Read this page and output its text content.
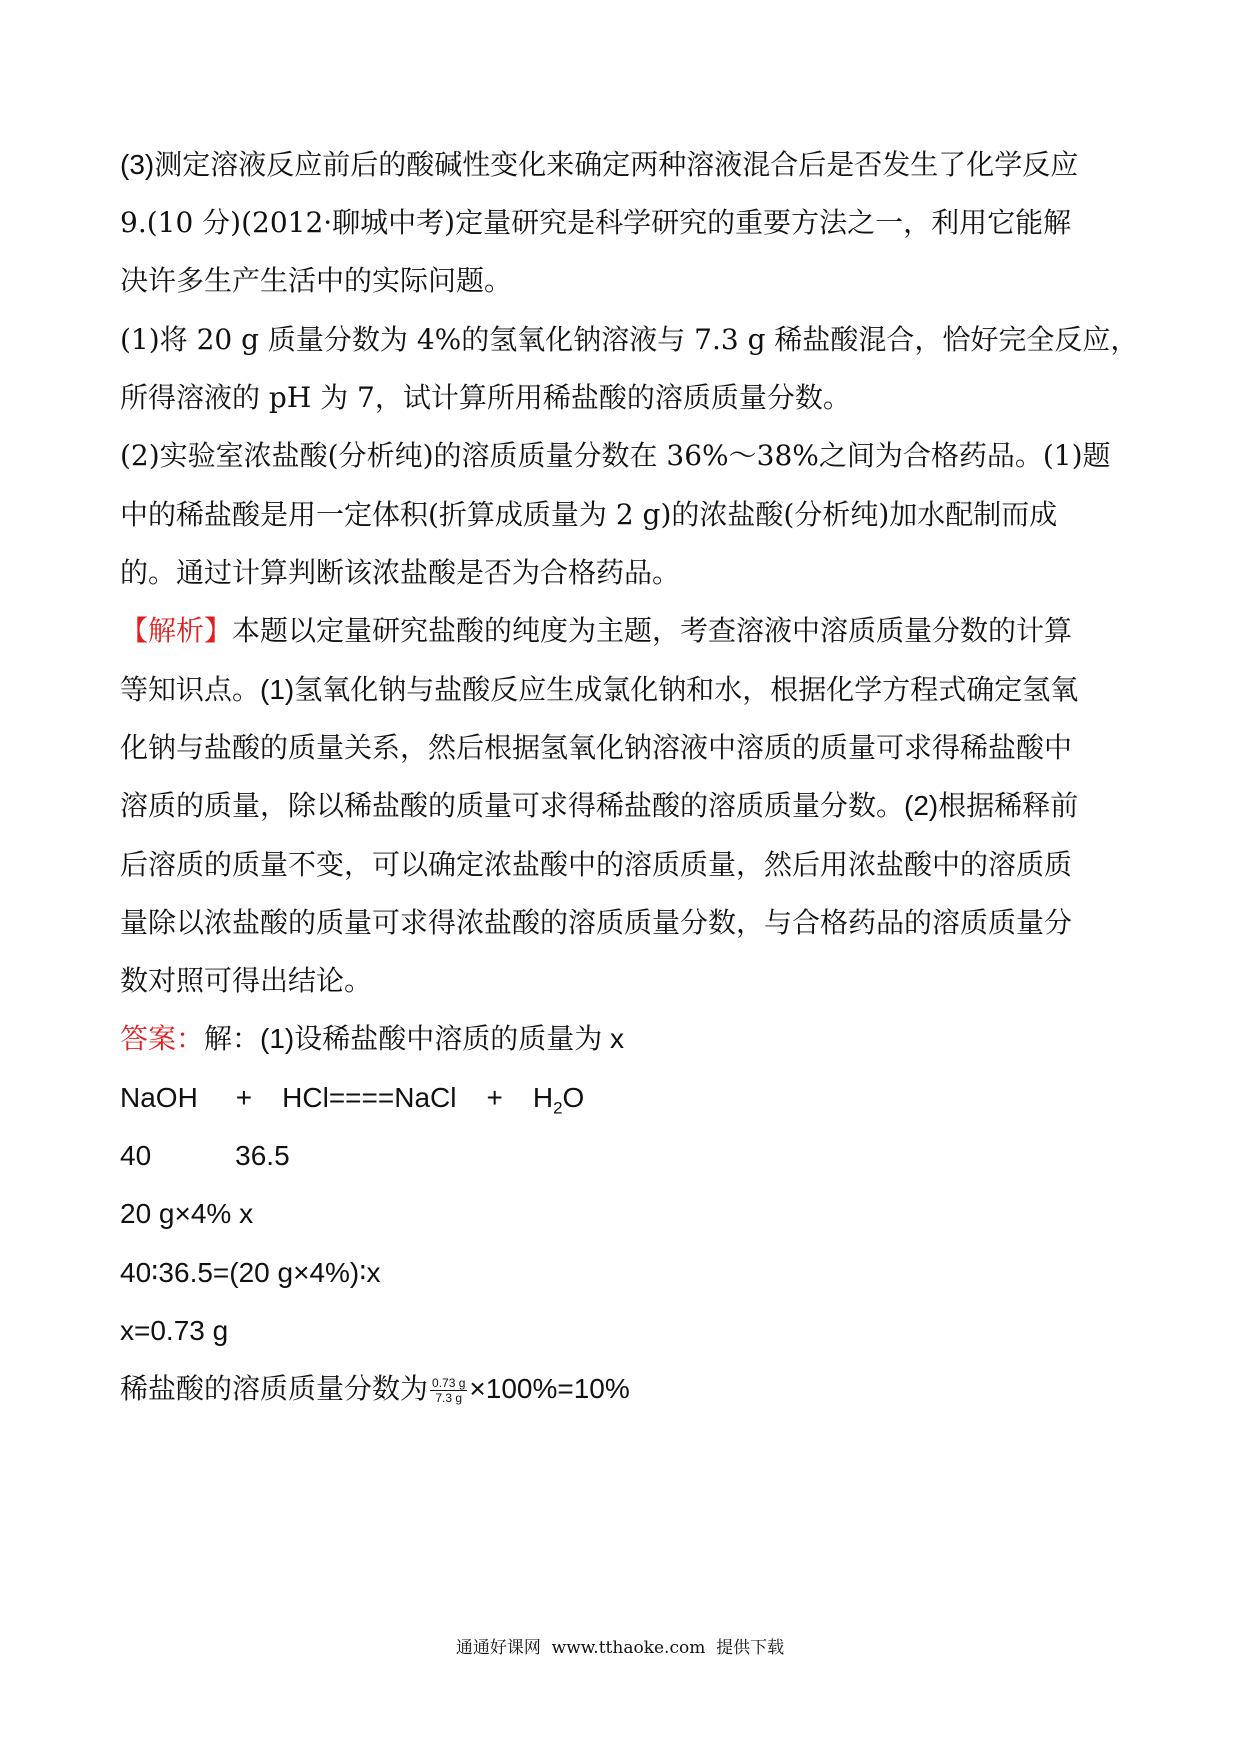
(3)测定溶液反应前后的酸碱性变化来确定两种溶液混合后是否发生了化学反应
9.(10 分)(2012·聊城中考)定量研究是科学研究的重要方法之一，利用它能解
决许多生产生活中的实际问题。
(1)将 20 g 质量分数为 4%的氢氧化钠溶液与 7.3 g 稀盐酸混合，恰好完全反应，
所得溶液的 pH 为 7，试计算所用稀盐酸的溶质质量分数。
(2)实验室浓盐酸(分析纯)的溶质质量分数在 36%～38%之间为合格药品。(1)题
中的稀盐酸是用一定体积(折算成质量为 2 g)的浓盐酸(分析纯)加水配制而成
的。通过计算判断该浓盐酸是否为合格药品。
【解析】本题以定量研究盐酸的纯度为主题，考查溶液中溶质质量分数的计算
等知识点。(1)氢氧化钠与盐酸反应生成氯化钠和水，根据化学方程式确定氢氧
化钠与盐酸的质量关系，然后根据氢氧化钠溶液中溶质的质量可求得稀盐酸中
溶质的质量，除以稀盐酸的质量可求得稀盐酸的溶质质量分数。(2)根据稀释前
后溶质的质量不变，可以确定浓盐酸中的溶质质量，然后用浓盐酸中的溶质质
量除以浓盐酸的质量可求得浓盐酸的溶质质量分数，与合格药品的溶质质量分
数对照可得出结论。
答案：解：(1)设稀盐酸中溶质的质量为 x
NaOH + HCl====NaCl + $H_2O$
40	36.5
20 g×4% x
40∶36.5=(20 g×4%)∶x
x=0.73 g
稀盐酸的溶质质量分数为 $\frac{0.73 g}{7.3 g} \times 100\%=10\%$
通通好课网  www.tthaoke.com  提供下载
